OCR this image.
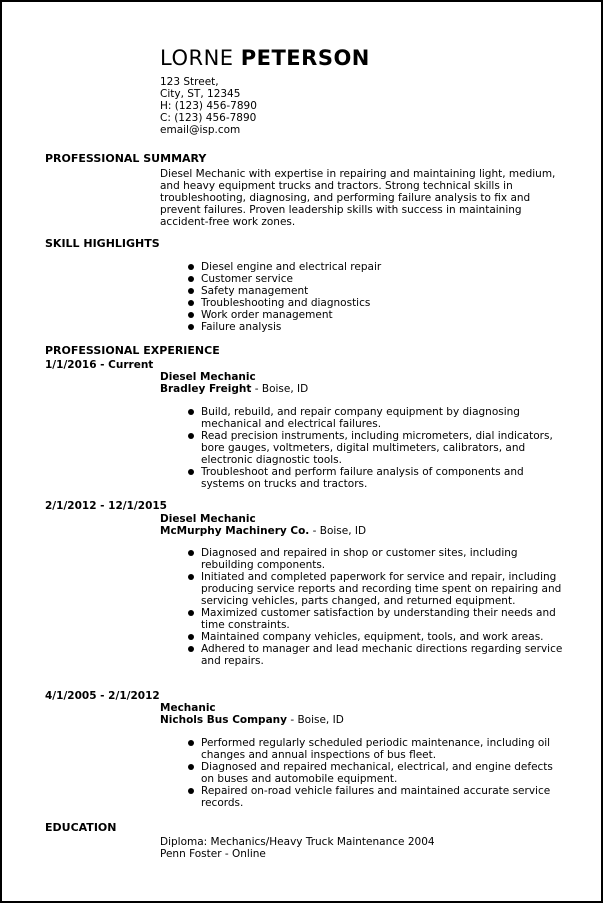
LORNE PETERSON
123 Street,
City, ST, 12345
H: (123) 456-7890
C: (123) 456-7890
email@isp.com
PROFESSIONAL SUMMARY
Diesel Mechanic with expertise in repairing and maintaining light, medium, and heavy equipment trucks and tractors. Strong technical skills in troubleshooting, diagnosing, and performing failure analysis to fix and prevent failures. Proven leadership skills with success in maintaining accident-free work zones.
SKILL HIGHLIGHTS
Diesel engine and electrical repair
Customer service
Safety management
Troubleshooting and diagnostics
Work order management
Failure analysis
PROFESSIONAL EXPERIENCE
1/1/2016 - Current
Diesel Mechanic
Bradley Freight - Boise, ID
Build, rebuild, and repair company equipment by diagnosing mechanical and electrical failures.
Read precision instruments, including micrometers, dial indicators, bore gauges, voltmeters, digital multimeters, calibrators, and electronic diagnostic tools.
Troubleshoot and perform failure analysis of components and systems on trucks and tractors.
2/1/2012 - 12/1/2015
Diesel Mechanic
McMurphy Machinery Co. - Boise, ID
Diagnosed and repaired in shop or customer sites, including rebuilding components.
Initiated and completed paperwork for service and repair, including producing service reports and recording time spent on repairing and servicing vehicles, parts changed, and returned equipment.
Maximized customer satisfaction by understanding their needs and time constraints.
Maintained company vehicles, equipment, tools, and work areas.
Adhered to manager and lead mechanic directions regarding service and repairs.
4/1/2005 - 2/1/2012
Mechanic
Nichols Bus Company - Boise, ID
Performed regularly scheduled periodic maintenance, including oil changes and annual inspections of bus fleet.
Diagnosed and repaired mechanical, electrical, and engine defects on buses and automobile equipment.
Repaired on-road vehicle failures and maintained accurate service records.
EDUCATION
Diploma: Mechanics/Heavy Truck Maintenance 2004
Penn Foster - Online
